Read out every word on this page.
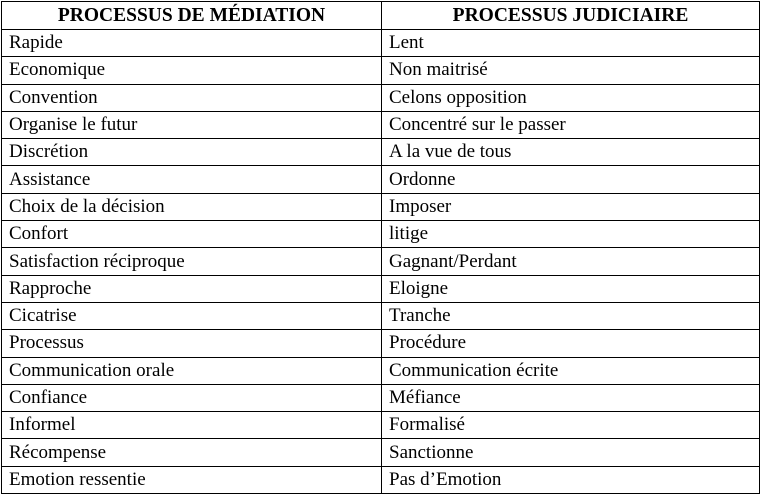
PROCESSUS DE MÉDIATION	PROCESSUS JUDICIAIRE
Rapide	Lent
Economique	Non maitrisé
Convention	Celons opposition
Organise le futur	Concentré sur le passer
Discrétion	A la vue de tous
Assistance	Ordonne
Choix de la décision	Imposer
Confort	litige
Satisfaction réciproque	Gagnant/Perdant
Rapproche	Eloigne
Cicatrise	Tranche
Processus	Procédure
Communication orale	Communication écrite
Confiance	Méfiance
Informel	Formalisé
Récompense	Sanctionne
Emotion ressentie	Pas d’Emotion
